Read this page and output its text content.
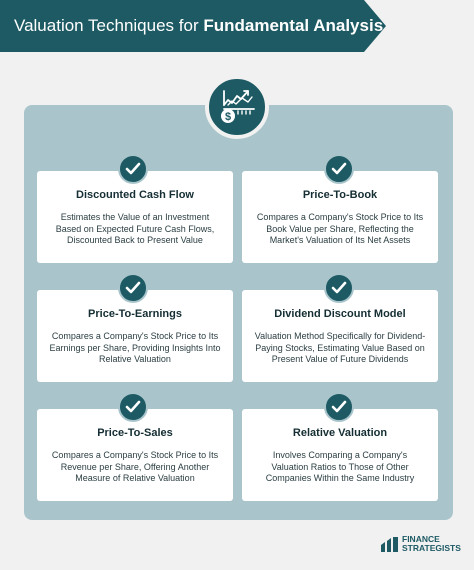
Valuation Techniques for Fundamental Analysis
$
Discounted Cash Flow
Estimates the Value of an Investment Based on Expected Future Cash Flows, Discounted Back to Present Value
Price-To-Book
Compares a Company's Stock Price to Its Book Value per Share, Reflecting the Market's Valuation of Its Net Assets
Price-To-Earnings
Compares a Company's Stock Price to Its Earnings per Share, Providing Insights Into Relative Valuation
Dividend Discount Model
Valuation Method Specifically for Dividend-Paying Stocks, Estimating Value Based on Present Value of Future Dividends
Price-To-Sales
Compares a Company's Stock Price to Its Revenue per Share, Offering Another Measure of Relative Valuation
Relative Valuation
Involves Comparing a Company's Valuation Ratios to Those of Other Companies Within the Same Industry
FINANCE
STRATEGISTS
